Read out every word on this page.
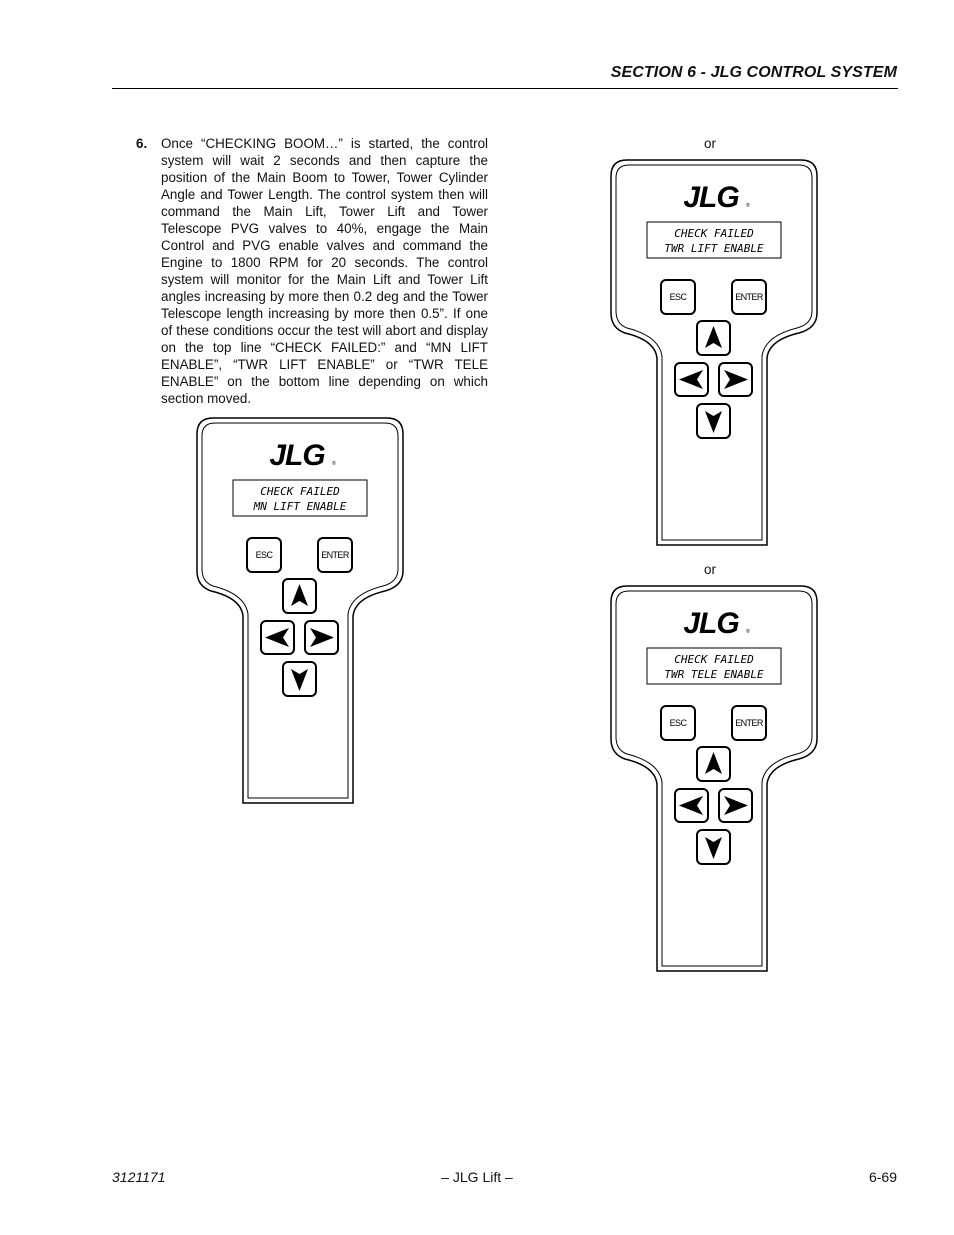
SECTION 6 - JLG CONTROL SYSTEM
6. Once “CHECKING BOOM…” is started, the control system will wait 2 seconds and then capture the position of the Main Boom to Tower, Tower Cylinder Angle and Tower Length. The control system then will command the Main Lift, Tower Lift and Tower Telescope PVG valves to 40%, engage the Main Control and PVG enable valves and command the Engine to 1800 RPM for 20 seconds. The control system will monitor for the Main Lift and Tower Lift angles increasing by more then 0.2 deg and the Tower Telescope length increasing by more then 0.5”. If one of these conditions occur the test will abort and display on the top line “CHECK FAILED:” and “MN LIFT ENABLE”, “TWR LIFT ENABLE” or “TWR TELE ENABLE” on the bottom line depending on which section moved.
or
or
JLG ®
CHECK FAILED
MN LIFT ENABLE
ESC	ENTER
JLG ®
CHECK FAILED
TWR LIFT ENABLE
ESC	ENTER
JLG ®
CHECK FAILED
TWR TELE ENABLE
ESC	ENTER
3121171	– JLG Lift –	6-69
